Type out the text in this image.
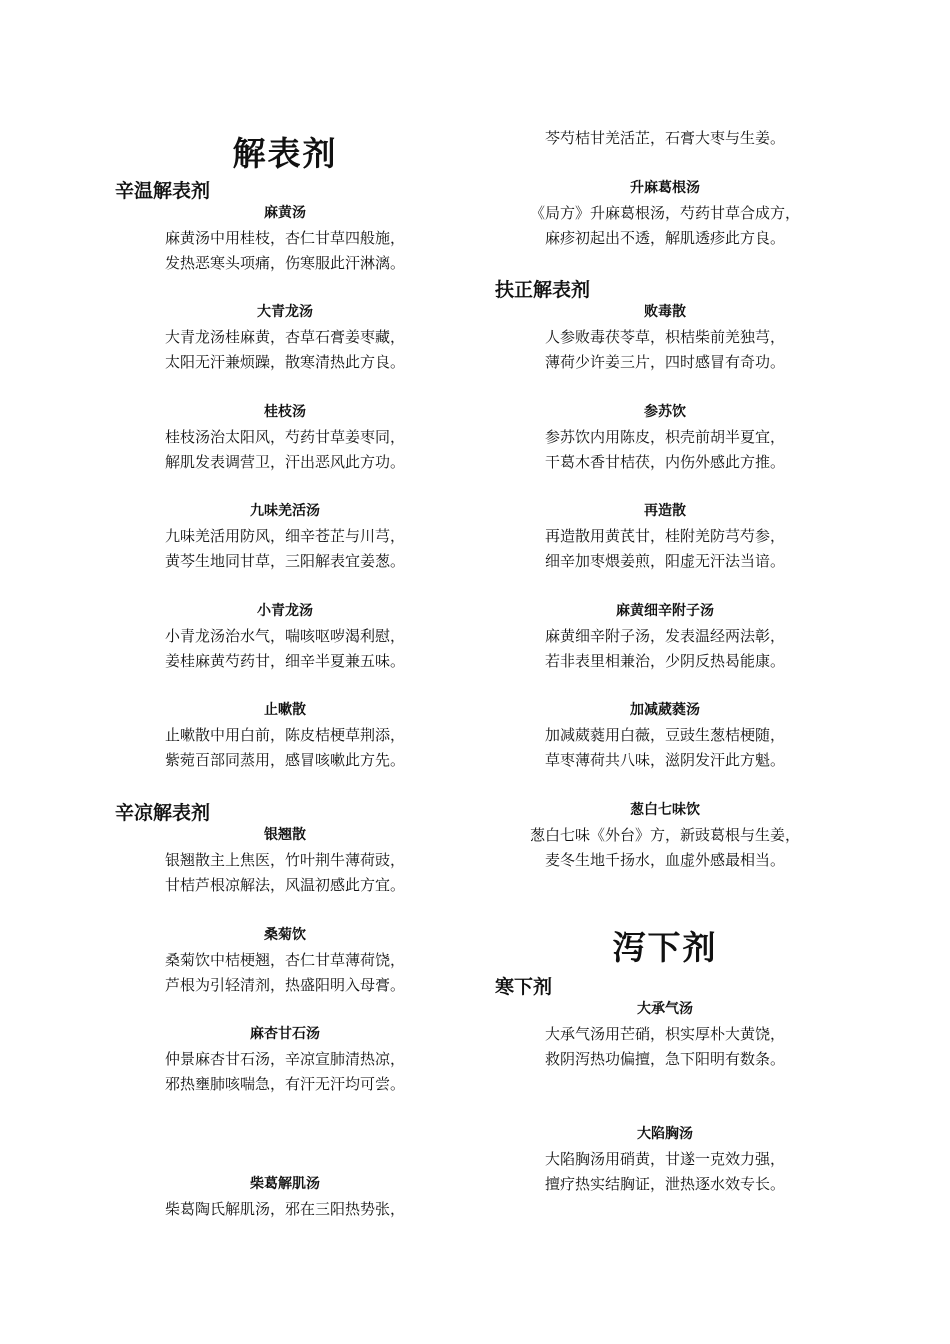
解表剂
辛温解表剂
麻黄汤
麻黄汤中用桂枝，杏仁甘草四般施，
发热恶寒头项痛，伤寒服此汗淋漓。
大青龙汤
大青龙汤桂麻黄，杏草石膏姜枣藏，
太阳无汗兼烦躁，散寒清热此方良。
桂枝汤
桂枝汤治太阳风，芍药甘草姜枣同，
解肌发表调营卫，汗出恶风此方功。
九味羌活汤
九味羌活用防风，细辛苍芷与川芎，
黄芩生地同甘草，三阳解表宜姜葱。
小青龙汤
小青龙汤治水气，喘咳呕哕渴利慰，
姜桂麻黄芍药甘，细辛半夏兼五味。
止嗽散
止嗽散中用白前，陈皮桔梗草荆添，
紫菀百部同蒸用，感冒咳嗽此方先。
辛凉解表剂
银翘散
银翘散主上焦医，竹叶荆牛薄荷豉，
甘桔芦根凉解法，风温初感此方宜。
桑菊饮
桑菊饮中桔梗翘，杏仁甘草薄荷饶，
芦根为引轻清剂，热盛阳明入母膏。
麻杏甘石汤
仲景麻杏甘石汤，辛凉宣肺清热凉，
邪热壅肺咳喘急，有汗无汗均可尝。
柴葛解肌汤
柴葛陶氏解肌汤，邪在三阳热势张，
芩芍桔甘羌活芷，石膏大枣与生姜。
升麻葛根汤
《局方》升麻葛根汤，芍药甘草合成方，
麻疹初起出不透，解肌透疹此方良。
扶正解表剂
败毒散
人参败毒茯苓草，枳桔柴前羌独芎，
薄荷少许姜三片，四时感冒有奇功。
参苏饮
参苏饮内用陈皮，枳壳前胡半夏宜，
干葛木香甘桔茯，内伤外感此方推。
再造散
再造散用黄芪甘，桂附羌防芎芍参，
细辛加枣煨姜煎，阳虚无汗法当谙。
麻黄细辛附子汤
麻黄细辛附子汤，发表温经两法彰，
若非表里相兼治，少阴反热曷能康。
加减葳蕤汤
加减葳蕤用白薇，豆豉生葱桔梗随，
草枣薄荷共八味，滋阴发汗此方魁。
葱白七味饮
葱白七味《外台》方，新豉葛根与生姜，
麦冬生地千扬水，血虚外感最相当。
泻下剂
寒下剂
大承气汤
大承气汤用芒硝，枳实厚朴大黄饶，
救阴泻热功偏擅，急下阳明有数条。
大陷胸汤
大陷胸汤用硝黄，甘遂一克效力强，
擅疗热实结胸证，泄热逐水效专长。
